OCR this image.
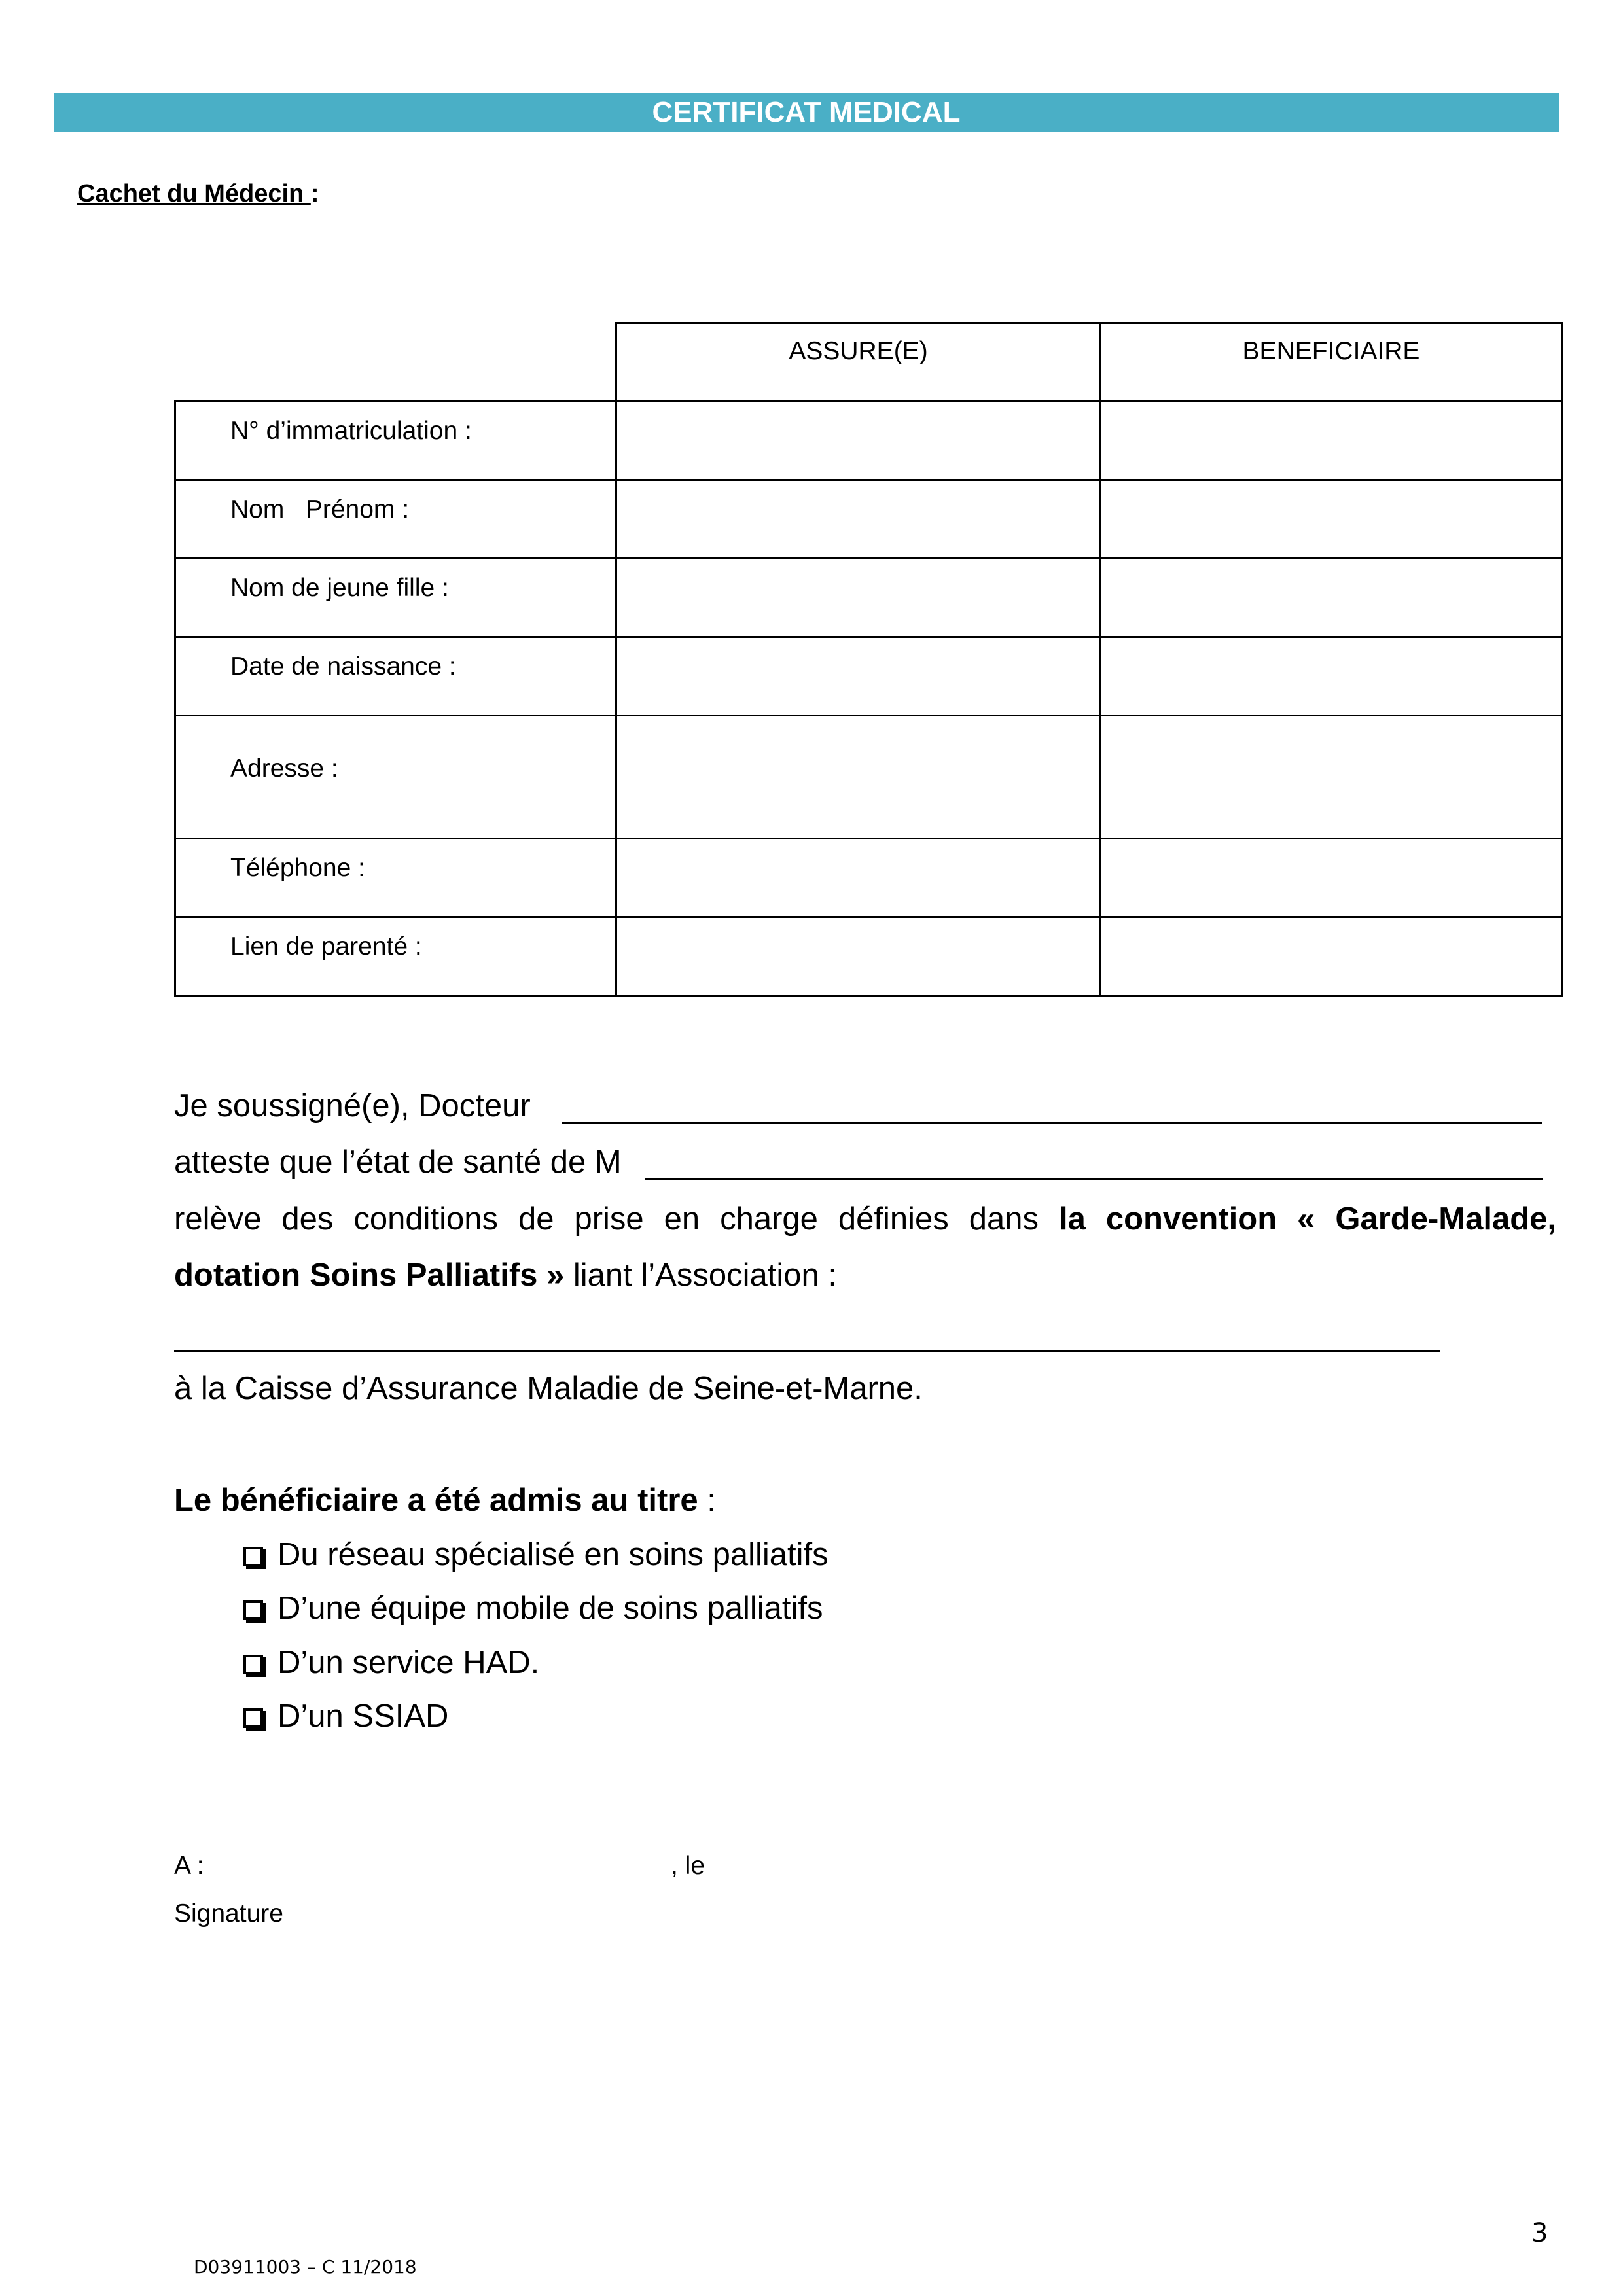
CERTIFICAT MEDICAL
Cachet du Médecin :
ASSURE(E)	BENEFICIAIRE
N° d’immatriculation :
Nom   Prénom :
Nom de jeune fille :
Date de naissance :
Adresse :
Téléphone :
Lien de parenté :
Je soussigné(e), Docteur
atteste que l’état de santé de M
relève des conditions de prise en charge définies dans la convention « Garde-Malade,
dotation Soins Palliatifs » liant l’Association :
à la Caisse d’Assurance Maladie de Seine-et-Marne.
Le bénéficiaire a été admis au titre :
Du réseau spécialisé en soins palliatifs
D’une équipe mobile de soins palliatifs
D’un service HAD.
D’un SSIAD
A :	, le
Signature
3
D03911003 – C 11/2018
